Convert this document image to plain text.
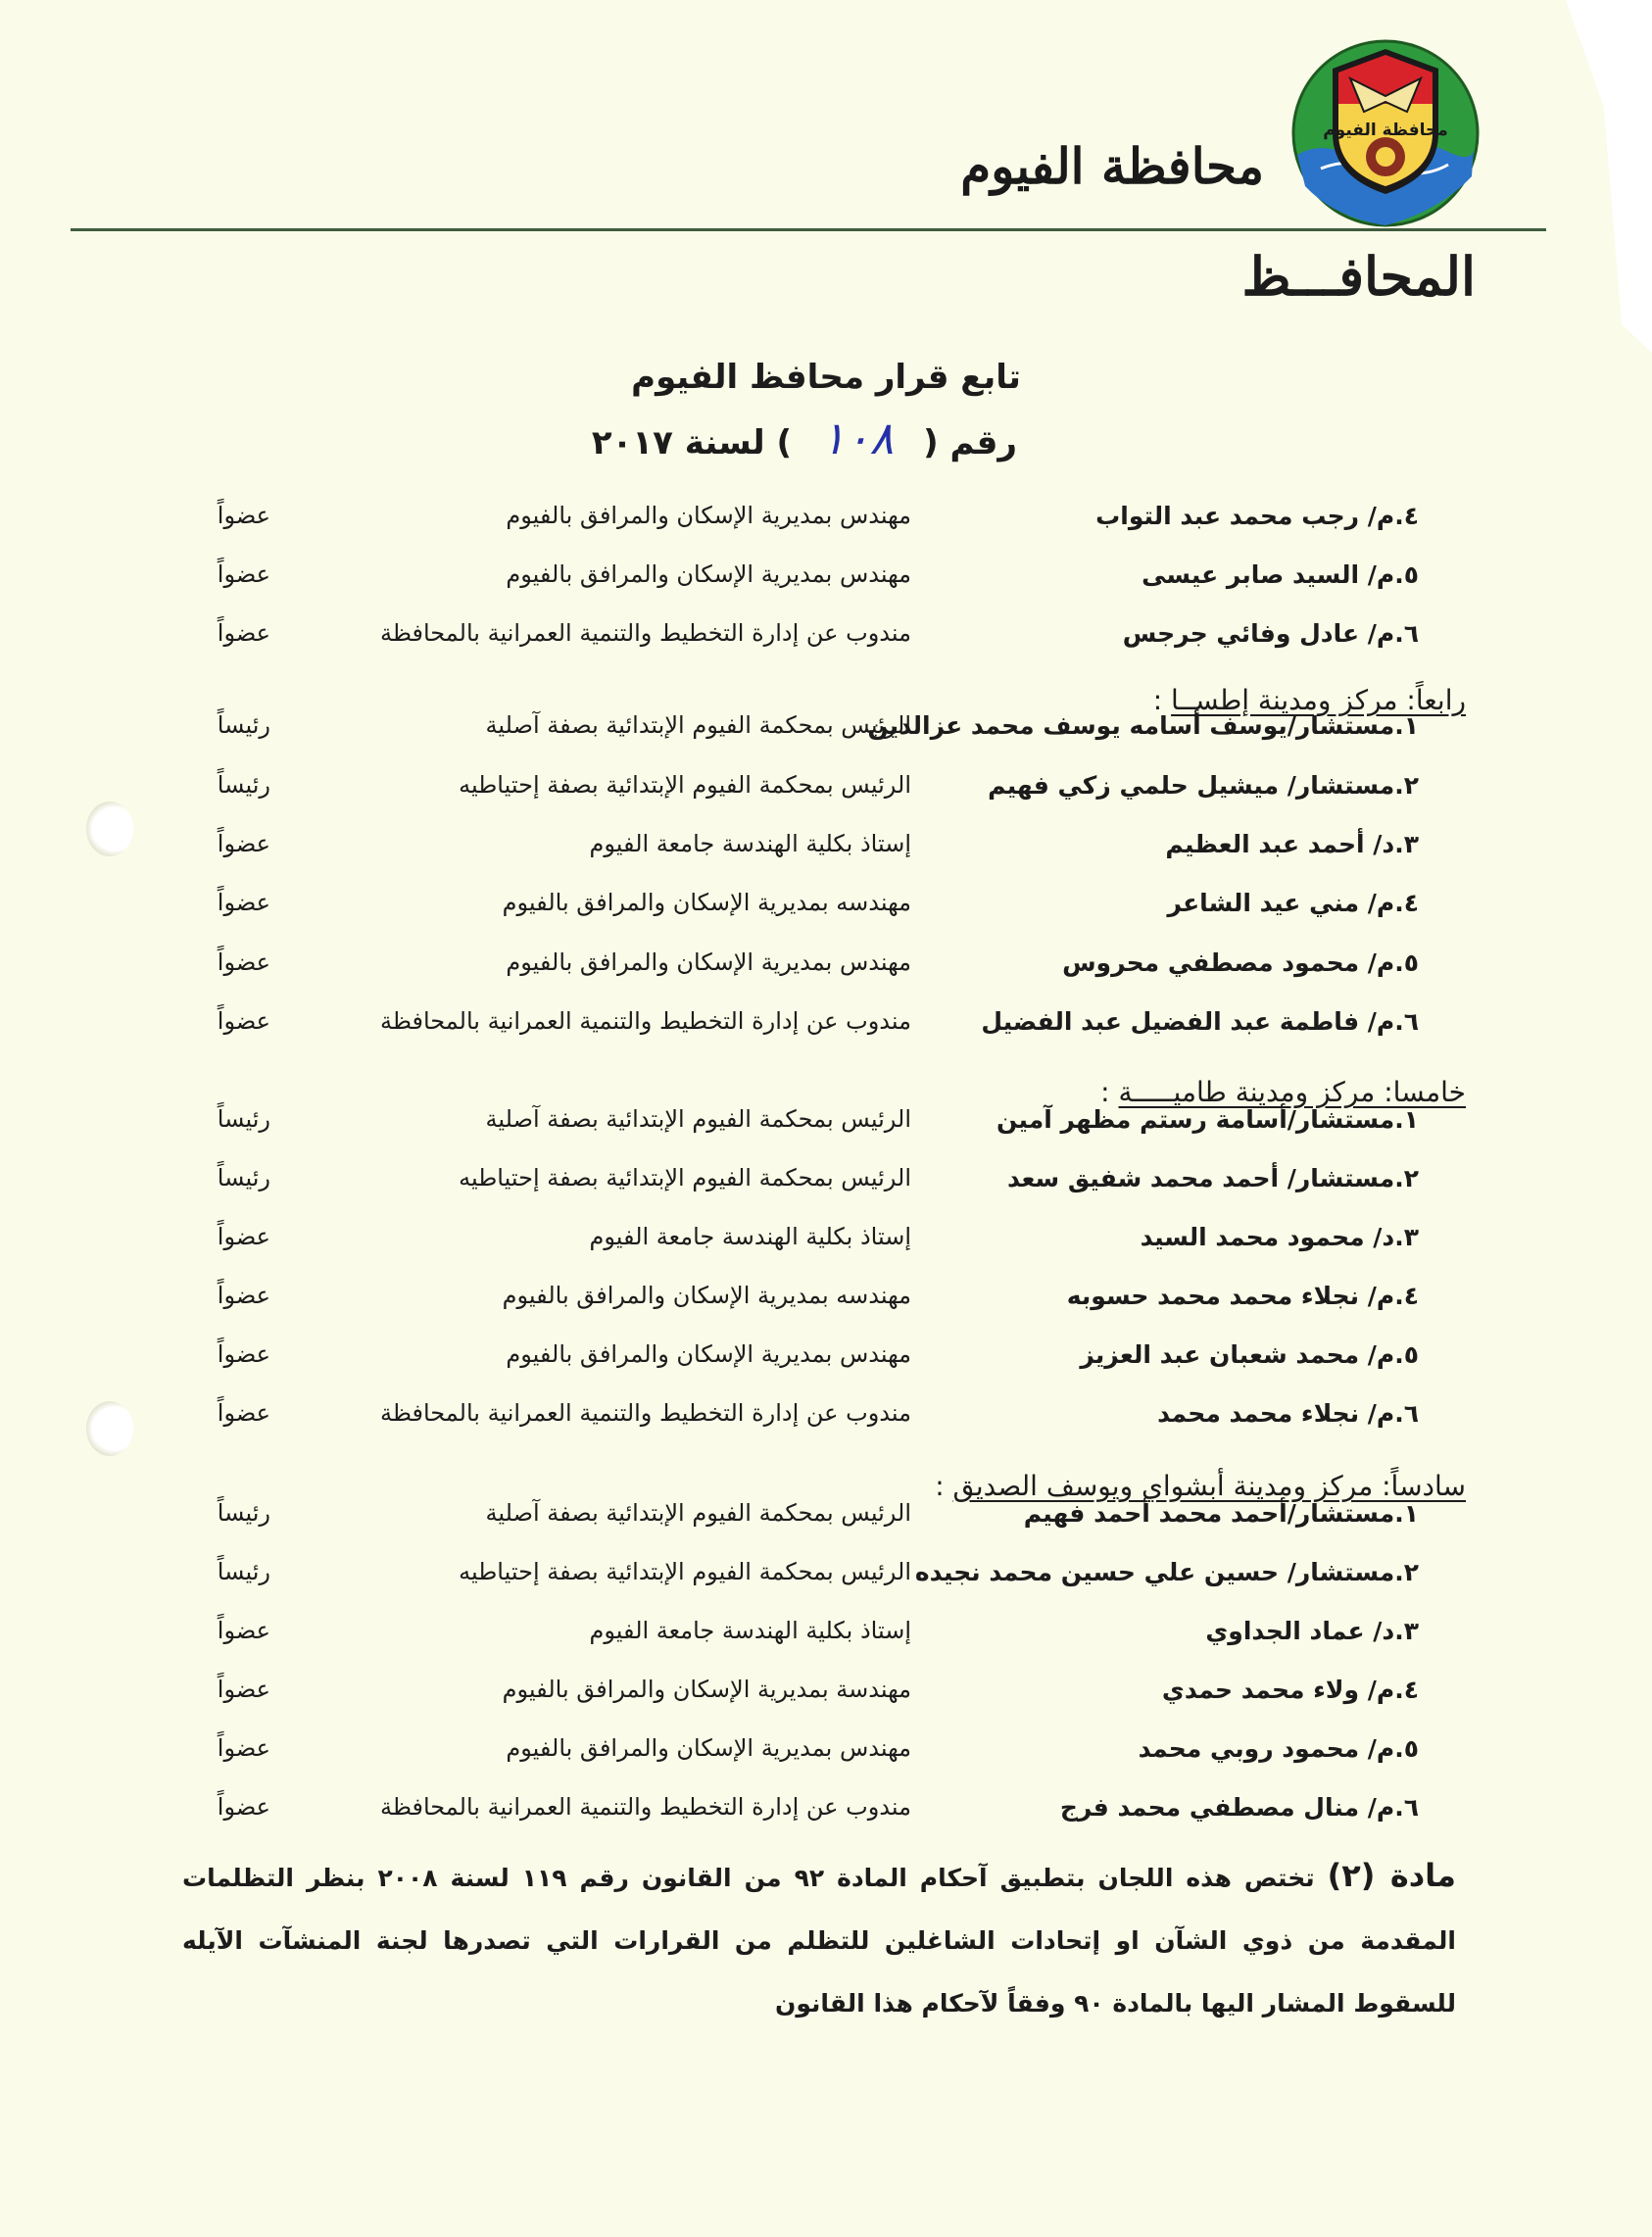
محافظة الفيوم
محافظة الفيوم
المحافـــظ
تابع قرار محافظ الفيوم
رقم (١٠٨) لسنة ٢٠١٧
٤.م/ رجب محمد عبد التواب
مهندس بمديرية الإسكان والمرافق بالفيوم
عضواً
٥.م/ السيد صابر عيسى
مهندس بمديرية الإسكان والمرافق بالفيوم
عضواً
٦.م/ عادل وفائي جرجس
مندوب عن إدارة التخطيط والتنمية العمرانية بالمحافظة
عضواً
رابعاً: مركز ومدينة إطســا :
١.مستشار/يوسف أسامه يوسف محمد عزالدين
الرئيس بمحكمة الفيوم الإبتدائية بصفة آصلية
رئيساً
٢.مستشار/ ميشيل حلمي زكي فهيم
الرئيس بمحكمة الفيوم الإبتدائية بصفة إحتياطيه
رئيساً
٣.د/ أحمد عبد العظيم
إستاذ بكلية الهندسة جامعة الفيوم
عضواً
٤.م/ مني عيد الشاعر
مهندسه بمديرية الإسكان والمرافق بالفيوم
عضواً
٥.م/ محمود مصطفي محروس
مهندس بمديرية الإسكان والمرافق بالفيوم
عضواً
٦.م/ فاطمة عبد الفضيل عبد الفضيل
مندوب عن إدارة التخطيط والتنمية العمرانية بالمحافظة
عضواً
خامسا: مركز ومدينة طاميـــــة :
١.مستشار/أسامة رستم مظهر آمين
الرئيس بمحكمة الفيوم الإبتدائية بصفة آصلية
رئيساً
٢.مستشار/ أحمد محمد شفيق سعد
الرئيس بمحكمة الفيوم الإبتدائية بصفة إحتياطيه
رئيساً
٣.د/ محمود محمد السيد
إستاذ بكلية الهندسة جامعة الفيوم
عضواً
٤.م/ نجلاء محمد محمد حسوبه
مهندسه بمديرية الإسكان والمرافق بالفيوم
عضواً
٥.م/ محمد شعبان عبد العزيز
مهندس بمديرية الإسكان والمرافق بالفيوم
عضواً
٦.م/ نجلاء محمد محمد
مندوب عن إدارة التخطيط والتنمية العمرانية بالمحافظة
عضواً
سادساً: مركز ومدينة أبشواي ويوسف الصديق :
١.مستشار/أحمد محمد أحمد فهيم
الرئيس بمحكمة الفيوم الإبتدائية بصفة آصلية
رئيساً
٢.مستشار/ حسين علي حسين محمد نجيده
الرئيس بمحكمة الفيوم الإبتدائية بصفة إحتياطيه
رئيساً
٣.د/ عماد الجداوي
إستاذ بكلية الهندسة جامعة الفيوم
عضواً
٤.م/ ولاء محمد حمدي
مهندسة بمديرية الإسكان والمرافق بالفيوم
عضواً
٥.م/ محمود روبي محمد
مهندس بمديرية الإسكان والمرافق بالفيوم
عضواً
٦.م/ منال مصطفي محمد فرج
مندوب عن إدارة التخطيط والتنمية العمرانية بالمحافظة
عضواً
مادة (٢) تختص هذه اللجان بتطبيق آحكام المادة ٩٢ من القانون رقم ١١٩ لسنة ٢٠٠٨ بنظر التظلمات المقدمة من ذوي الشآن او إتحادات الشاغلين للتظلم من القرارات التي تصدرها لجنة المنشآت الآيله للسقوط المشار اليها بالمادة ٩٠ وفقاً لآحكام هذا القانون
